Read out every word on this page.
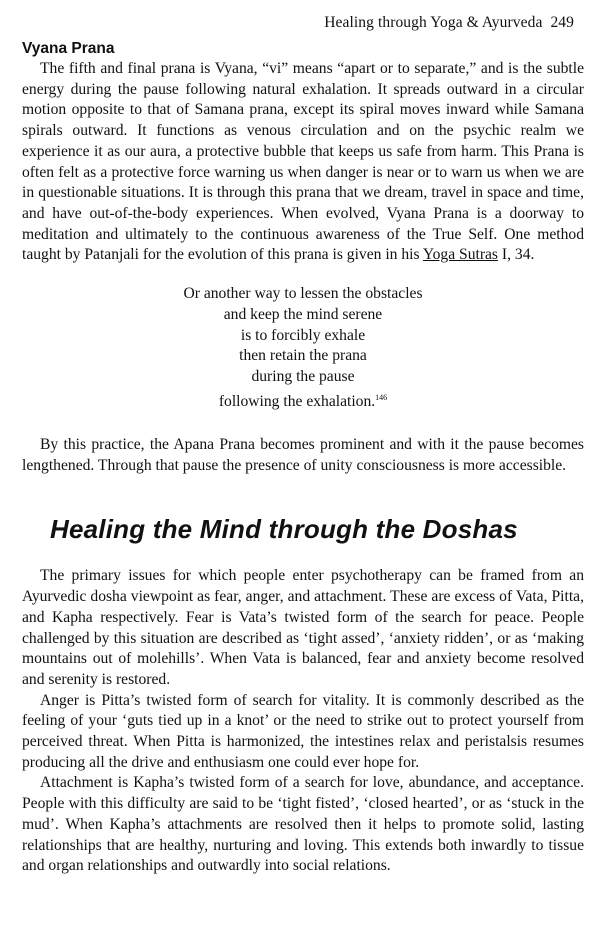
Healing through Yoga & Ayurveda 249
Vyana Prana

The fifth and final prana is Vyana, “vi” means “apart or to separate,” and is the subtle energy during the pause following natural exhalation. It spreads outward in a circular motion opposite to that of Samana prana, except its spiral moves inward while Samana spirals outward. It functions as venous circulation and on the psychic realm we experience it as our aura, a protective bubble that keeps us safe from harm. This Prana is often felt as a protective force warning us when danger is near or to warn us when we are in questionable situations. It is through this prana that we dream, travel in space and time, and have out-of-the-body experiences. When evolved, Vyana Prana is a doorway to meditation and ultimately to the continuous awareness of the True Self. One method taught by Patanjali for the evolution of this prana is given in his Yoga Sutras I, 34.

Or another way to lessen the obstacles
and keep the mind serene
is to forcibly exhale
then retain the prana
during the pause
following the exhalation.$^{146}$

By this practice, the Apana Prana becomes prominent and with it the pause becomes lengthened. Through that pause the presence of unity consciousness is more accessible.

Healing the Mind through the Doshas

The primary issues for which people enter psychotherapy can be framed from an Ayurvedic dosha viewpoint as fear, anger, and attachment. These are excess of Vata, Pitta, and Kapha respectively. Fear is Vata’s twisted form of the search for peace. People challenged by this situation are described as ‘tight assed’, ‘anxiety ridden’, or as ‘making mountains out of molehills’. When Vata is balanced, fear and anxiety become resolved and serenity is restored.

Anger is Pitta’s twisted form of search for vitality. It is commonly described as the feeling of your ‘guts tied up in a knot’ or the need to strike out to protect yourself from perceived threat. When Pitta is harmonized, the intestines relax and peristalsis resumes producing all the drive and enthusiasm one could ever hope for.

Attachment is Kapha’s twisted form of a search for love, abundance, and acceptance. People with this difficulty are said to be ‘tight fisted’, ‘closed hearted’, or as ‘stuck in the mud’. When Kapha’s attachments are resolved then it helps to promote solid, lasting relationships that are healthy, nurturing and loving. This extends both inwardly to tissue and organ relationships and outwardly into social relations.
